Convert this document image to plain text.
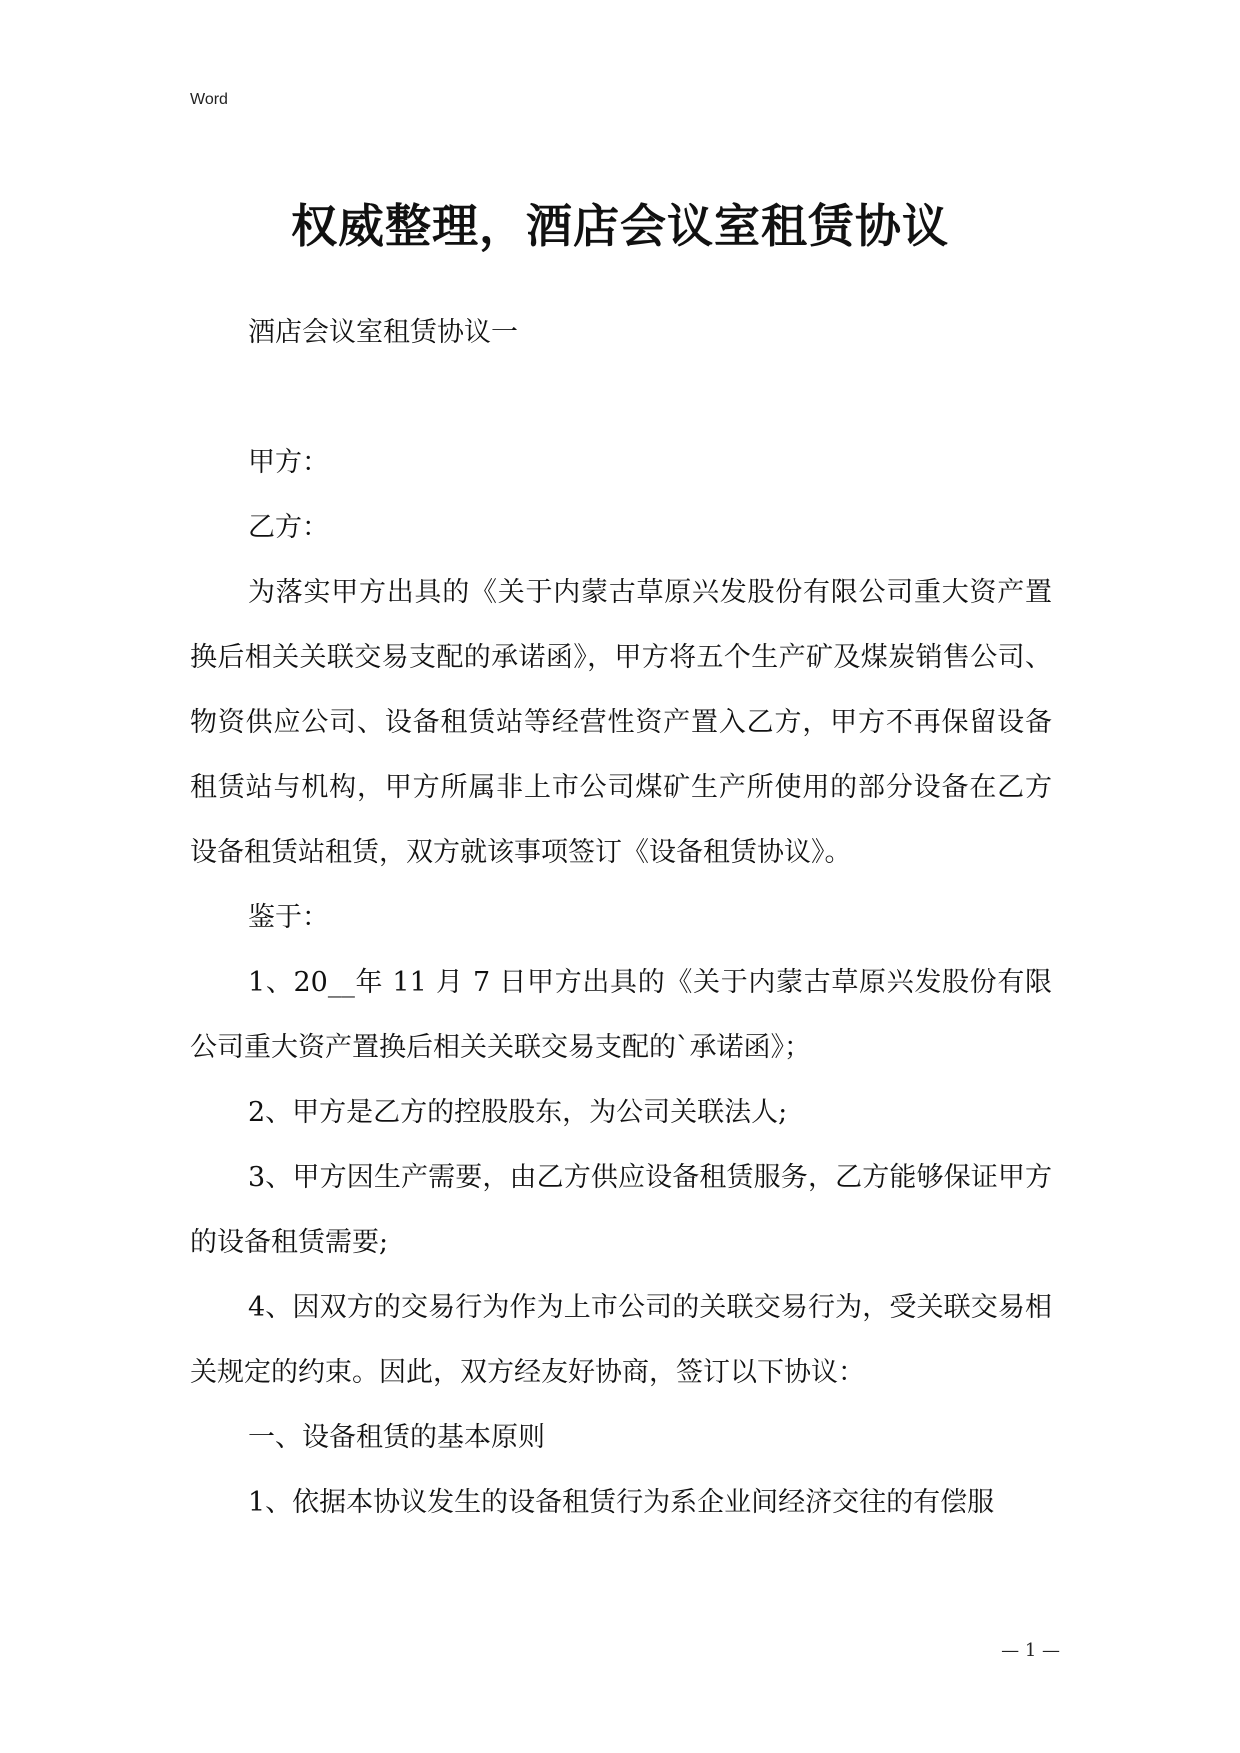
Word
权威整理，酒店会议室租赁协议

酒店会议室租赁协议一

甲方：

乙方：

为落实甲方出具的《关于内蒙古草原兴发股份有限公司重大资产置换后相关关联交易支配的承诺函》，甲方将五个生产矿及煤炭销售公司、物资供应公司、设备租赁站等经营性资产置入乙方，甲方不再保留设备租赁站与机构，甲方所属非上市公司煤矿生产所使用的部分设备在乙方设备租赁站租赁，双方就该事项签订《设备租赁协议》。

鉴于：

1、20__年 11 月 7 日甲方出具的《关于内蒙古草原兴发股份有限公司重大资产置换后相关关联交易支配的`承诺函》；

2、甲方是乙方的控股股东，为公司关联法人;

3、甲方因生产需要，由乙方供应设备租赁服务，乙方能够保证甲方的设备租赁需要;

4、因双方的交易行为作为上市公司的关联交易行为，受关联交易相关规定的约束。因此，双方经友好协商，签订以下协议：

一、设备租赁的基本原则

1、依据本协议发生的设备租赁行为系企业间经济交往的有偿服

— 1 —
